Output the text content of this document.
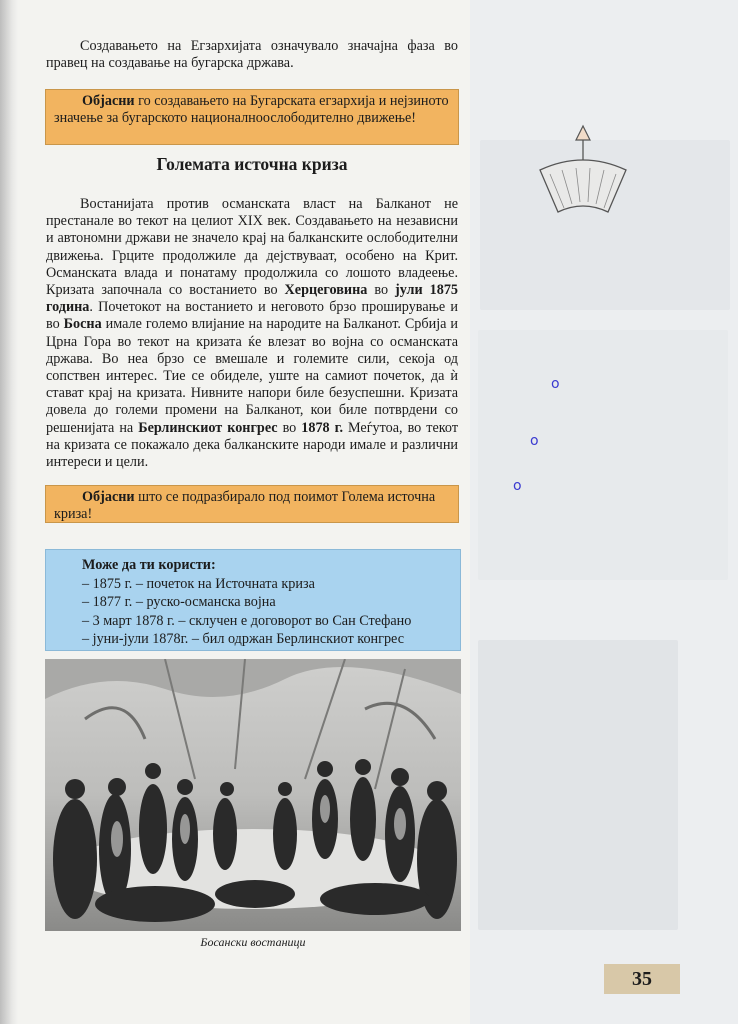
Создавањето на Егзархијата означувало значајна фаза во правец на создавање на бугарска држава.
Објасни го создавањето на Бугарската егзархија и нејзиното значење за бугарското националноослободително движење!
Големата источна криза
Востанијата против османската власт на Балканот не престанале во текот на целиот XIX век. Создавањето на независни и автономни држави не значело крај на балканските ослободителни движења. Грците продолжиле да дејствуваат, особено на Крит. Османската влада и понатаму продолжила со лошото владеење. Кризата започнала со востанието во Херцеговина во јули 1875 година. Почетокот на востанието и неговото брзо проширување и во Босна имале големо влијание на народите на Балканот. Србија и Црна Гора во текот на кризата ќе влезат во војна со османската држава. Во неа брзо се вмешале и големите сили, секоја од сопствен интерес. Тие се обиделе, уште на самиот почеток, да ѝ стават крај на кризата. Нивните напори биле безуспешни. Кризата довела до големи промени на Балканот, кои биле потврдени со решенијата на Берлинскиот конгрес во 1878 г. Меѓутоа, во текот на кризата се покажало дека балканските народи имале и различни интереси и цели.
Објасни што се подразбирало под поимот Голема источна криза!
Може да ти користи:
– 1875 г. – почеток на Источната криза
– 1877 г. – руско-османска војна
– 3 март 1878 г. – склучен е договорот во Сан Стефано
– јуни-јули 1878г. – бил одржан Берлинскиот конгрес
Босански востаници
35
o
o
o
